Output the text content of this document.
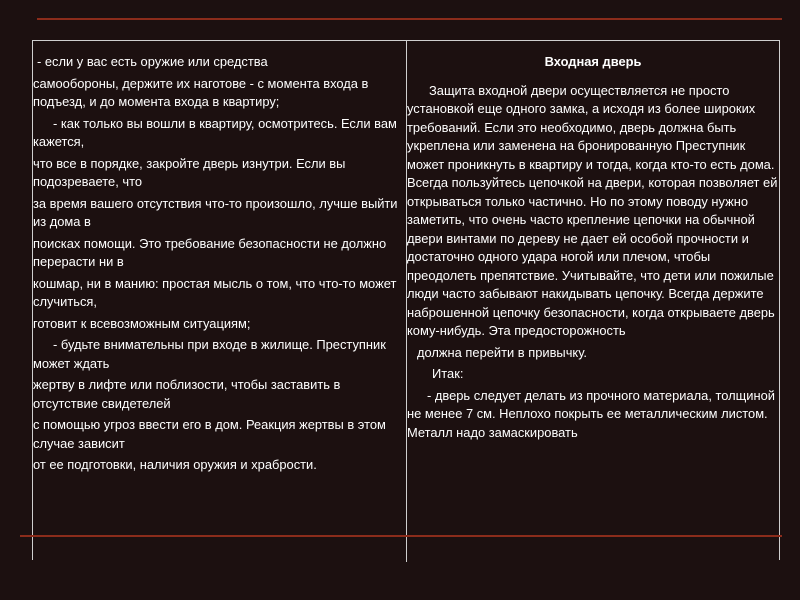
- если у вас есть оружие или средства

самообороны, держите их наготове - с момента входа в подъезд, и до момента входа в квартиру;

- как только вы вошли в квартиру, осмотритесь. Если вам кажется,

что все в порядке, закройте дверь изнутри. Если вы подозреваете, что

за время вашего отсутствия что-то произошло, лучше выйти из дома в

поисках помощи. Это требование безопасности не должно перерасти ни в

кошмар, ни в манию: простая мысль о том, что что-то может случиться,

готовит к всевозможным ситуациям;

- будьте внимательны при входе в жилище. Преступник может ждать

жертву в лифте или поблизости, чтобы заставить в отсутствие свидетелей

с помощью угроз ввести его в дом. Реакция жертвы в этом случае зависит

от ее подготовки, наличия оружия и храбрости.

Входная дверь

Защита входной двери осуществляется не просто установкой еще одного замка, а исходя из более широких требований. Если это необходимо, дверь должна быть укреплена или заменена на бронированную Преступник может проникнуть в квартиру и тогда, когда кто-то есть дома. Всегда пользуйтесь цепочкой на двери, которая позволяет ей открываться только частично. Но по этому поводу нужно заметить, что очень часто крепление цепочки на обычной двери винтами по дереву не дает ей особой прочности и достаточно одного удара ногой или плечом, чтобы преодолеть препятствие. Учитывайте, что дети или пожилые люди часто забывают накидывать цепочку. Всегда держите наброшенной цепочку безопасности, когда открываете дверь кому-нибудь. Эта предосторожность

должна перейти в привычку.

Итак:

- дверь следует делать из прочного материала, толщиной не менее 7 см. Неплохо покрыть ее металлическим листом. Металл надо замаскировать
